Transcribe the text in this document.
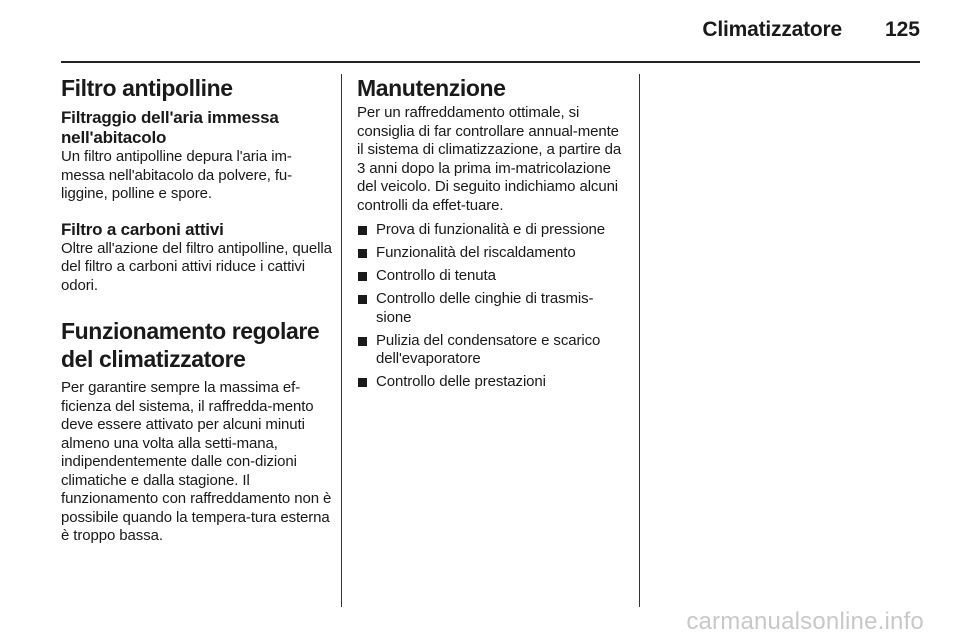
Climatizzatore 125
Filtro antipolline
Filtraggio dell'aria immessa nell'abitacolo

Un filtro antipolline depura l'aria im-messa nell'abitacolo da polvere, fu-liggine, polline e spore.

Filtro a carboni attivi

Oltre all'azione del filtro antipolline, quella del filtro a carboni attivi riduce i cattivi odori.

Funzionamento regolare del climatizzatore

Per garantire sempre la massima ef-ficienza del sistema, il raffredda-mento deve essere attivato per alcuni minuti almeno una volta alla setti-mana, indipendentemente dalle con-dizioni climatiche e dalla stagione. Il funzionamento con raffreddamento non è possibile quando la tempera-tura esterna è troppo bassa.

Manutenzione

Per un raffreddamento ottimale, si consiglia di far controllare annual-mente il sistema di climatizzazione, a partire da 3 anni dopo la prima im-matricolazione del veicolo. Di seguito indichiamo alcuni controlli da effet-tuare.

Prova di funzionalità e di pressione
Funzionalità del riscaldamento
Controllo di tenuta
Controllo delle cinghie di trasmis-sione
Pulizia del condensatore e scarico dell'evaporatore
Controllo delle prestazioni
carmanualsonline.info
